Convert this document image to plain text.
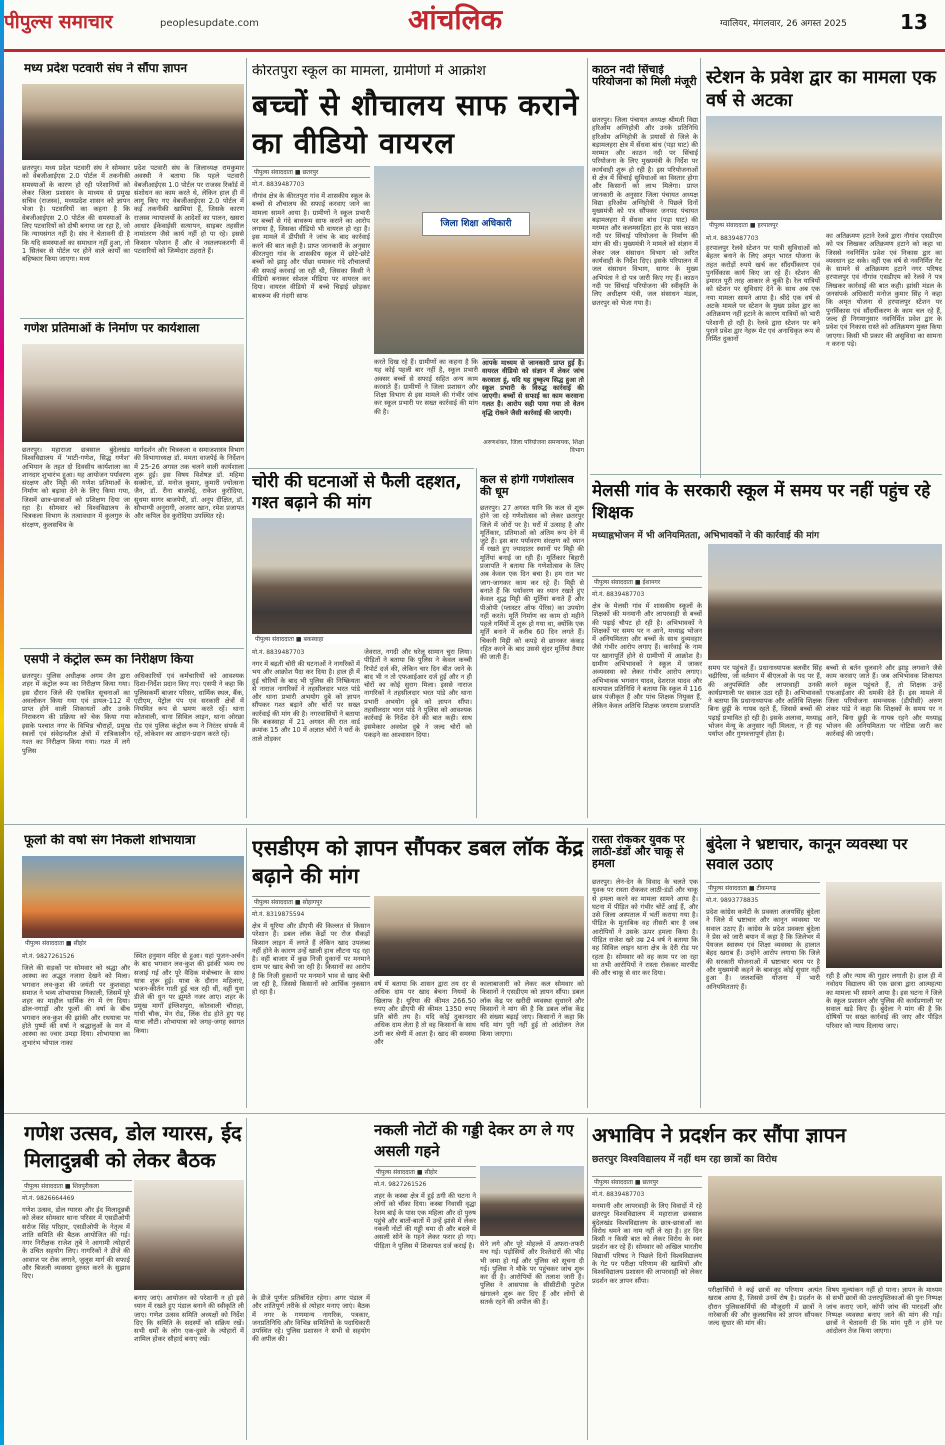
पीपुल्स समाचार	peoplesupdate.com	आंचलिक	ग्वालियर, मंगलवार, 26 अगस्त 2025	13
मध्य प्रदेश पटवारी संघ ने सौंपा ज्ञापन
छतरपुर। मध्य प्रदेश पटवारी संघ ने सोमवार को वेबजीआईएस 2.0 पोर्टल में तकनीकी समस्याओं के कारण हो रही परेशानियों को लेकर जिला प्रशासन के माध्यम से प्रमुख सचिव (राजस्व), मध्यप्रदेश शासन को ज्ञापन भेजा है। पटवारियों का कहना है कि वेबजीआईएस 2.0 पोर्टल की समस्याओं के लिए पटवारियों को दोषी बनाया जा रहा है, जो कि न्यायसंगत नहीं है। संघ ने चेतावनी दी है कि यदि समस्याओं का समाधान नहीं हुआ, तो 1 सितंबर से पोर्टल पर होने वाले कार्यों का बहिष्कार किया जाएगा। मध्य
प्रदेश पटवारी संघ के जिलाध्यक्ष रामकुमार अवस्थी ने बताया कि पहले पटवारी वेबजीआईएस 1.0 पोर्टल पर राजस्व रिकॉर्ड में संशोधन का काम करते थे, लेकिन हाल ही में लागू किए गए वेबजीआईएस 2.0 पोर्टल में कई तकनीकी खामियां हैं, जिसके कारण राजस्व न्यायालयों के आदेशों का पालन, खसरा आधार ईकेवाईसी सत्यापन, साइबर तहसील नामांतरण जैसे कार्य नहीं हो पा रहे। इससे किसान परेशान हैं और वे नस्तलपकरणी में पटवारियों को जिम्मेदार ठहराते हैं।
गणेश प्रतिमाओं के निर्माण पर कार्यशाला
छतरपुर। महाराजा छत्रसाल बुंदेलखंड विश्वविद्यालय में 'माटी-गणेश, सिद्ध गणेश' अभियान के तहत दो दिवसीय कार्यशाला का शानदार शुभारंभ हुआ। यह आयोजन पर्यावरण संरक्षण और मिट्टी की गणेश प्रतिमाओं के निर्माण को बढ़ावा देने के लिए किया गया, जिसमें छात्र-छात्राओं को प्रशिक्षण दिया जा रहा है। सोमवार को विश्वविद्यालय के चित्रकला विभाग के तत्वावधान में कुलगुरु के संरक्षण, कुलसचिव के
मार्गदर्शन और चित्रकला व समाजशास्त्र विभाग की विभागाध्यक्ष डॉ. ममता वाजपेई के निर्देशन में 25-26 अगस्त तक चलने वाली कार्यशाला शुरू हुई। इस विषय विशेषज्ञ डॉ. महिमा सक्सेना, डॉ. मनोज कुमार, कुमारी ज्योत्सना जैन, डॉ. रीना बाजपेई, राकेश कुरोदिया, सुधमा सागर बाजपेयी, डॉ. अनूप दीक्षित, डॉ. सौभाग्यी अनुरागी, अजगर खान, रमेश प्रजापत और कपिल देव कुरोदिया उपस्थित रहे।
एसपी ने कंट्रोल रूम का निरीक्षण किया
छतरपुर। पुलिस अधीक्षक अगम जैन द्वारा शहर में कंट्रोल रूम का निरीक्षण किया गया। इस दौरान जिले की एकत्रित सूचनाओं का अवलोकन किया गया एवं डायल-112 में प्राप्त होने वाली शिकायतों और उनके निराकरण की प्रक्रिया को चेक किया गया इसके पश्चात नगर के विभिन्न चौराहों, प्रमुख स्थलों एवं संवेदनशील क्षेत्रों में रात्रिकालीन गश्त का निरीक्षण किया गया। गश्त में लगे पुलिस
अधिकारियों एवं कर्मचारियों को आवश्यक दिशा-निर्देश प्रदान किए गए। एसपी ने कहा कि पुलिसकर्मी बाजार परिसर, धार्मिक स्थल, बैंक, एटीएम, पेट्रोल पंप एवं सरकारी क्षेत्रों में नियमित रूप से भ्रमण करते रहें। थाना कोतवाली, थाना सिविल लाइन, थाना ओरछा रोड एवं पुलिस कंट्रोल रूम ने निरंतर संपर्क में रहें, लोकेशन का आदान-प्रदान करते रहें।
कीरतपुरा स्कूल का मामला, ग्रामीणों में आक्रोश
बच्चों से शौचालय साफ कराने का वीडियो वायरल
पीपुल्स संवाददाता ■ छतरपुर
मो.नं. 8839487703
नौगांव क्षेत्र के कीरतपुरा गांव में शासकीय स्कूल के बच्चों से शौचालय की सफाई करवाए जाने का मामला सामने आया है। ग्रामीणों ने स्कूल प्रभारी पर बच्चों से गंदे बाथरूम साफ कराने का आरोप लगाया है, जिसका वीडियो भी वायरल हो रहा है। इस मामले में डीपीसी ने जांच के बाद कार्रवाई करने की बात कही है। प्राप्त जानकारी के अनुसार कीरतपुरा गांव के शासकीय स्कूल में छोटे-छोटे बच्चों को झाड़ू और पोंछा थमाकर गंदे शौचालयों की सफाई करवाई जा रही थी, जिसका किसी ने वीडियो बनाकर सोशल मीडिया पर वायरल कर दिया। वायरल वीडियो में बच्चे चिढ़ाई छोड़कर बाथरूम की गंदगी साफ
जिला शिक्षा अधिकारी
करते दिख रहे हैं। ग्रामीणों का कहना है कि यह कोई पहली बार नहीं है, स्कूल प्रभारी अक्सर बच्चों से सफाई सहित अन्य काम करवाते हैं। ग्रामीणों ने जिला प्रशासन और शिक्षा विभाग से इस मामले की गंभीर जांच कर स्कूल प्रभारी पर सख्त कार्रवाई की मांग की है।
आपके माध्यम से जानकारी प्राप्त हुई है। वायरल वीडियो को संज्ञान में लेकर जांच करवाता हूं, यदि यह दुष्कृत्य सिद्ध हुआ तो स्कूल प्रभारी के विरुद्ध कार्रवाई की जाएगी। बच्चों से सफाई का काम करवाना गलत है। आरोप सही पाया गया तो वेतन वृद्धि रोकने जैसी कार्रवाई की जाएगी।
अरुणशंकर, जिला परियोजना समन्वयक, शिक्षा विभाग
चोरी की घटनाओं से फैली दहशत, गश्त बढ़ाने की मांग
पीपुल्स संवाददाता ■ बकस्वाहा
मो.नं. 8839487703
नगर में बढ़ती चोरी की घटनाओं ने नागरिकों में भय और आक्रोश पैदा कर दिया है। हाल ही में हुई चोरियों के बाद भी पुलिस की निष्क्रियता से नाराज नागरिकों ने तहसीलदार भरत पांडे और थाना प्रभारी अभयोग दुबे को ज्ञापन सौंपकर गश्त बढ़ाने और चोरों पर सख्त कार्रवाई की मांग की है। नगरवासियों ने बताया कि बकस्वाहा में 21 अगस्त की रात वार्ड क्रमांक 15 और 10 में अज्ञात चोरों ने घरों के ताले तोड़कर
जेवरात, नगदी और घरेलू सामान चुरा लिया। पीड़ितों ने बताया कि पुलिस ने केवल कच्ची रिपोर्ट दर्ज की, लेकिन चार दिन बीत जाने के बाद भी न तो एफआईआर दर्ज हुई और न ही चोरों का कोई सुराग मिला। इससे नाराज नागरिकों ने तहसीलदार भरत पांडे और थाना प्रभारी अभयोग दुबे को ज्ञापन सौंपा। तहसीलदार भरत पांडे ने पुलिस को आवश्यक कार्रवाई के निर्देश देने की बात कही। साथ इसमेकार अवधेश दुबे ने जल्द चोरों को पकड़ने का आश्वासन दिया।
कल से होगी गणेशोत्सव की धूम
छतरपुर। 27 अगस्त यानि कि कल से शुरू होने जा रहे गणेशोत्सव को लेकर छतरपुर जिले में जोरों पर है। घरों में उत्साह है और मूर्तिकार, प्रतिमाओं को अंतिम रूप देने में जुटे हैं। इस बार पर्यावरण संरक्षण को ध्यान में रखते हुए ज्यादातर स्थानों पर मिट्टी की मूर्तियां बनाई जा रही हैं। मूर्तिकार बिहारी प्रजापति ने बताया कि गणेशोत्सव के लिए अब केवल एक दिन बचा है। हम रात भर जाग-जागकर काम कर रहे हैं। मिट्टी से बनाते हैं कि पर्यावरण का ध्यान रखते हुए केवल शुद्ध मिट्टी की मूर्तियां बनाते हैं और पीओपी (प्लास्टर ऑफ पेरिस) का उपयोग नहीं करते। मूर्ति निर्माण का काम दो महीने पहले गर्मियों में शुरू हो गया था, क्योंकि एक मूर्ति बनाने में करीब 60 दिन लगते हैं। चिकनी मिट्टी को कपड़े से छानकर कंकड़ रहित करने के बाद उससे सुंदर मूर्तियां तैयार की जाती हैं।
काठन नदी सिंचाई परियोजना को मिली मंजूरी
छतरपुर। जिला पंचायत अध्यक्ष श्रीमती विद्या हरिओम अग्निहोत्री और उनके प्रतिनिधि हरिओम अग्निहोत्री के प्रयासों से जिले के बड़ामलहरा क्षेत्र में सेंधवा बांध (पड़ा घाट) की मरम्मत और काठन नदी पर सिंचाई परियोजना के लिए मुख्यमंत्री के निर्देश पर कार्यवाही शुरू हो रही है। इस परियोजनाओं से क्षेत्र में सिंचाई सुविधाओं का विस्तार होगा और किसानों को लाभ मिलेगा। प्राप्त जानकारी के अनुसार जिला पंचायत अध्यक्ष विद्या हरिओम अग्निहोत्री ने पिछले दिनों मुख्यमंत्री को पत्र सौंपकर जनपद पंचायत बड़ामलहरा में सेंधवा बांध (पड़ा घाट) की मरम्मत और कलमसहिता हार के पास काठन नदी पर सिंचाई परियोजना के निर्माण की मांग की थी। मुख्यमंत्री ने मामले को संज्ञान में लेकर जल संसाधन विभाग को त्वरित कार्यवाही के निर्देश दिए। इसके परिपालन में जल संसाधन विभाग, सागर के मुख्य अभियंता ने दो पत्र जारी किए गए हैं। काठन नदी पर सिंचाई परियोजना की स्वीकृति के लिए अधीक्षण यंत्री, जल संसाधन मंडल, छतरपुर को भेजा गया है।
स्टेशन के प्रवेश द्वार का मामला एक वर्ष से अटका
पीपुल्स संवाददाता ■ हरपालपुर
मो.नं. 8839487703
हरपालपुर रेलवे स्टेशन पर यात्री सुविधाओं को बेहतर बनाने के लिए अमृत भारत योजना के तहत करोड़ों रुपये खर्च कर सौंदर्यीकरण एवं पुनर्विकास कार्य किए जा रहे हैं। स्टेशन की इमारत पूरी तरह आकार ले चुकी है। रेल यात्रियों को स्टेशन पर सुविधाएं देने के साथ अब एक नया मामला सामने आया है। श्रीदे एक वर्ष से अटके मामले पर स्टेशन के मुख्य प्रवेश द्वार का अतिक्रमण नहीं हटाने के कारण यात्रियों को भारी परेशानी हो रही है। रेलवे द्वारा स्टेशन पर बने पुराने प्रवेश द्वार नेहरू मेट एवं अनाधिकृत रूप से निर्मित दुकानों
का अतिक्रमण हटाने रेलवे द्वारा नौगांव एसडीएम को पत्र लिखकर अतिक्रमण हटाने को कहा था जिससे नवनिर्मित प्रवेश एवं निकास द्वार का व्यवधान हट सके। वहीं एक वर्ष से नवनिर्मित गेट के सामने से अतिक्रमण हटाने नगर परिषद हरपालपुर एवं नौगांव एसडीएम को रेलवे ने पत्र लिखकर कार्रवाई की बात कही। झांसी मंडल के जनसंपर्क अधिकारी मनोज कुमार सिंह ने कहा कि अमृत योजना से हरपालपुर स्टेशन पर पुनर्विकास एवं सौंदर्यीकरण के काम चल रहे हैं, जल्द ही निगमानुसार नवनिर्मित प्रवेश द्वार के प्रवेश एवं निकास रास्ते को अतिक्रमण मुक्त किया जाएगा। किसी भी प्रकार की असुविधा का सामना न करना पड़े।
मेलसी गांव के सरकारी स्कूल में समय पर नहीं पहुंच रहे शिक्षक
मध्याह्नभोजन में भी अनियमितता, अभिभावकों ने की कार्रवाई की मांग
पीपुल्स संवाददाता ■ ईशानगर
मो.नं. 8839487703
क्षेत्र के मेलसी गांव में शासकीय स्कूलों के शिक्षकों की मनमानी और लापरवाही से बच्चों की पढ़ाई चौपट हो रही है। अभिभावकों ने शिक्षकों पर समय पर न आने, मध्याह्न भोजन में अनियमितता और बच्चों के साथ दुव्यवहार जैसे गंभीर आरोप लगाए हैं। कार्रवाई के नाम पर खानापूर्ति होने से ग्रामीणों में आक्रोश है। ग्रामीण अभिभावकों ने स्कूल में जाकर अव्यवस्था को लेकर गंभीर आरोप लगाए। अभिभावक भगवान यादव, देशराज यादव और सत्यपाल प्रतिनिधि ने बताया कि स्कूल में 116 छात्र पंजीकृत हैं और पांच शिक्षक नियुक्त हैं, लेकिन केवल अतिथि शिक्षक जयराम प्रजापति
समय पर पहुंचते हैं। प्रधानाध्यापक बलवीर सिंह चढ़ीरिया, जो वर्तमान में बीएलओ के पद पर हैं, की अनुपस्थिति और लापरवाही उनकी कार्यप्रणाली पर सवाल उठा रही है। अभिभावकों ने बताया कि प्रधानाध्यापक और अतिथि शिक्षक बिना छुट्टी के गायब रहते हैं, जिससे बच्चों की पढ़ाई प्रभावित हो रही है। इसके अलावा, मध्याह्न भोजन मेन्यू के अनुसार नहीं मिलता, न ही यह पर्याप्त और गुणवत्तापूर्ण होता है।
बच्चों से बर्तन धुलवाने और झाड़ू लगवाने जैसे काम करवाए जाते हैं। जब अभिभावक शिकायत करने स्कूल पहुंचते हैं, तो शिक्षक उन्हें एफआईआर की धमकी देते हैं। इस मामले में जिला परियोजना समन्वयक (डीपीसी) अरुण शंकर पांडे ने कहा कि शिक्षकों के समय पर न आने, बिना छुट्टी के गायब रहने और मध्याह्न भोजन की अनियमितता पर नोटिस जारी कर कार्रवाई की जाएगी।
फूलों की वर्षा संग निकली शोभायात्रा
पीपुल्स संवाददाता ■ सीहोर
मो.नं. 9827261526
जिले की सड़कों पर सोमवार को श्रद्धा और आस्था का अद्भुत नजारा देखने को मिला। भगवान लव-कुश की जयंती पर कुशवाहा समाज ने भव्य शोभायात्रा निकाली, जिसमें पूरे शहर का माहौल धार्मिक रंग में रंग दिया। ढोल-नगाड़ों और फूलों की वर्षा के बीच भगवान लव-कुश की झांकी और रथयात्रा पर होते पुष्पों की वर्षा ने श्रद्धालुओं के मन में आस्था का ज्वार उमड़ा दिया। शोभायात्रा का शुभारंभ भोपाल नाका
स्थित हनुमान मंदिर से हुआ। यहां पूजन-अर्चन के बाद भगवान लव-कुश की झांकी भव्य रथ सजाई गई और पूरे वैदिक मंत्रोच्चार के साथ यात्रा शुरू हुई। यात्रा के दौरान महिलाएं, भजन-कीर्तन गाती हुई चल रही थीं, वहीं युवा डीजे की धुन पर झूमते नजर आए। शहर के प्रमुख मार्गों इंग्लिशपुरा, कोतवाली चौराहा, गांधी चौक, मेन रोड, लिंक रोड होते हुए यह यात्रा लौटी। शोभायात्रा को जगह-जगह स्वागत किया।
एसडीएम को ज्ञापन सौंपकर डबल लॉक केंद्र बढ़ाने की मांग
पीपुल्स संवाददाता ■ सोहागपुर
मो.नं. 8319875594
क्षेत्र में यूरिया और डीएपी की किल्लत से किसान परेशान हैं। डबल लॉक केंद्रों पर रोज सैकड़ों किसान लाइन में लगते हैं लेकिन खाद उपलब्ध नहीं होने के कारण उन्हें खाली हाथ लौटना पड़ रहा है। वहीं बाजार में कुछ निजी दुकानों पर मनमाने दाम पर खाद बेची जा रही है। किसानों का आरोप है कि निजी दुकानों पर मनमाने भाव से खाद बेची जा रही है, जिससे किसानों को आर्थिक नुकसान हो रहा है।
वर्ष में बताया कि शासन द्वारा तय दर से अधिक दाम पर खाद बेचना नियमों के खिलाफ है। यूरिया की कीमत 266.50 रुपए और डीएपी की कीमत 1350 रुपए प्रति बोरी तय है। यदि कोई दुकानदार अधिक दाम लेता है तो वह किसानों के साथ ठगी कर श्रेणी में आता है। खाद की समस्या और
कालाबाजारी को लेकर कल सोमवार को किसानों ने एसडीएम को ज्ञापन सौंपा। डबल लॉक केंद्र पर खरीदी व्यवस्था सुधारने और किसानों ने मांग की है कि डबल लॉक केंद्र की संख्या बढ़ाई जाए। किसानों ने कहा कि यदि मांग पूरी नहीं हुई तो आंदोलन तेज किया जाएगा।
रास्ता रोककर युवक पर लाठी-डंडों और चाकू से हमला
छतरपुर। लेन-देन के विवाद के चलते एक युवक पर रास्ता रोककर लाठी-डंडों और चाकू से हमला करने का मामला सामने आया है। घटना में पीड़ित को गंभीर चोटें आई हैं, और उसे जिला अस्पताल में भर्ती कराया गया है। पीड़ित के मुताबिक वह तीसरी बार है जब आरोपियों ने उसके ऊपर हमला किया है। पीड़ित राजेश खरे उम्र 24 वर्ष ने बताया कि वह सिविल लाइन थाना क्षेत्र के देरी रोड पर रहता है। सोमवार को वह काम पर जा रहा था तभी आरोपियों ने रास्ता रोककर मारपीट की और चाकू से वार कर दिया।
बुंदेला ने भ्रष्टाचार, कानून व्यवस्था पर सवाल उठाए
पीपुल्स संवाददाता ■ टीकमगढ़
मो.नं. 9893778835
प्रदेश कांग्रेस कमेटी के प्रवक्ता अजयसिंह बुंदेला ने जिले में भ्रष्टाचार और कानून व्यवस्था पर सवाल उठाए हैं। कांग्रेस के प्रदेश प्रवक्ता बुंदेला ने प्रेस को जारी बयान में कहा है कि जिलेभर में पेयजल स्वास्थ्य एवं शिक्षा व्यवस्था के हालात बेहद खराब हैं। उन्होंने आरोप लगाया कि जिले की सरकारी योजनाओं में भ्रष्टाचार चरम पर है और मुख्यमंत्री कहने के बावजूद कोई सुधार नहीं हुआ है। जलशक्ति योजना में भारी अनियमितताएं हैं।
रही है और न्याय की गुहार लगाती है। हाल ही में नवोदय विद्यालय की एक छात्रा द्वारा आत्महत्या का मामला भी सामने आया है। इस घटना ने जिले के स्कूल प्रशासन और पुलिस की कार्यप्रणाली पर सवाल खड़े किए हैं। बुंदेला ने मांग की है कि दोषियों पर सख्त कार्रवाई की जाए और पीड़ित परिवार को न्याय दिलाया जाए।
गणेश उत्सव, डोल ग्यारस, ईद मिलादुन्नबी को लेकर बैठक
पीपुल्स संवाददाता ■ शिवपुरीकला
मो.नं. 9826664469
गणेश उत्सव, डोल ग्यारस और ईद मिलादुन्नबी को लेकर सोमवार थाना परिसर में एसडीओपी सरोज सिंह परिहार, एसडीओपी के नेतृत्व में शांति समिति की बैठक आयोजित की गई। नगर निरीक्षक राजेश तुबे ने आगामी त्योहारों के उचित सहयोग लिए। नागरिकों ने डीजे की आवाज पर रोक लगाने, जुलूस मार्ग की सफाई और बिजली व्यवस्था दुरुस्त करने के सुझाव दिए।
बनाए जाएं। आयोजन को परेशानी न हो इसे ध्यान में रखते हुए पंडाल बनाने की स्वीकृति ली जाए। गणेश उत्सव समिति अध्यक्षों को निर्देश दिए कि समिति के सदस्यों को सक्रिय रखें। सभी धर्मों के लोग एक-दूसरे के त्योहारों में शामिल होकर सौहार्द बनाए रखें।
के डीजे पूर्णतः प्रतिबंधित रहेगा। अगर पंडाल में और शांतिपूर्ण तरीके से त्योहार मनाए जाएं। बैठक में नगर के गणमान्य नागरिक, पत्रकार, जनप्रतिनिधि और विभिन्न समितियों के पदाधिकारी उपस्थित रहे। पुलिस प्रशासन ने सभी से सहयोग की अपील की।
नकली नोटों की गड्डी देकर ठग ले गए असली गहने
पीपुल्स संवाददाता ■ सीहोर
मो.नं. 9827261526
शहर के कस्बा क्षेत्र में हुई ठगी की घटना ने लोगों को चौंका दिया। कस्बा निवासी वृद्धा रेशम बाई के पास एक महिला और दो पुरुष पहुंचे और बातों-बातों में उन्हें झांसे में लेकर नकली नोटों की गड्डी थमा दी और बदले में असली सोने के गहने लेकर फरार हो गए। पीड़िता ने पुलिस में शिकायत दर्ज कराई है। सेने लगे और पूरे मोहल्ले में अफरा-तफरी मच गई। पड़ोसियों और रिश्तेदारों की भीड़ भी जमा हो गई और पुलिस को सूचना दी गई। पुलिस ने मौके पर पहुंचकर जांच शुरू कर दी है। आरोपियों की तलाश जारी है। पुलिस ने आसपास के सीसीटीवी फुटेज खंगालने शुरू कर दिए हैं और लोगों से सतर्क रहने की अपील की है।
अभाविप ने प्रदर्शन कर सौंपा ज्ञापन
छतरपुर विश्वविद्यालय में नहीं थम रहा छात्रों का विरोध
पीपुल्स संवाददाता ■ छतरपुर
मो.नं. 8839487703
मनमानी और लापरवाही के लिए विवादों में रहे छतरपुर विश्वविद्यालय में महाराजा छत्रसाल बुंदेलखंड विश्वविद्यालय के छात्र-छात्राओं का विरोध थमने का नाम नहीं ले रहा है। हर दिन किसी न किसी बात को लेकर विरोध के स्वर प्रदर्शन कर रहे हैं। सोमवार को अखिल भारतीय विद्यार्थी परिषद ने पिछले दिनों विश्वविद्यालय के गेट पर परीक्षा परिणाम की खामियों और विश्वविद्यालय प्रशासन की लापरवाही को लेकर प्रदर्शन कर ज्ञापन सौंपा।
परीक्षार्थियों ने कई छात्रों का परिणाम अत्यंत खराब आया है, जिससे उनमें रोष है। प्रदर्शन के दौरान पुलिसकर्मियों की मौजूदगी में छात्रों ने नारेबाजी की और कुलसचिव को ज्ञापन सौंपकर जल्द सुधार की मांग की।
विषय मूल्यांकन नहीं हो पाना। ज्ञापन के माध्यम से सभी छात्रों की उत्तरपुस्तिकाओं की पुनः निष्पक्ष जांच कराए जाने, कॉपी जांच की पारदर्शी और निष्पक्ष व्यवस्था बनाए जाने की मांग की गई। छात्रों ने चेतावनी दी कि मांग पूरी न होने पर आंदोलन तेज किया जाएगा।
